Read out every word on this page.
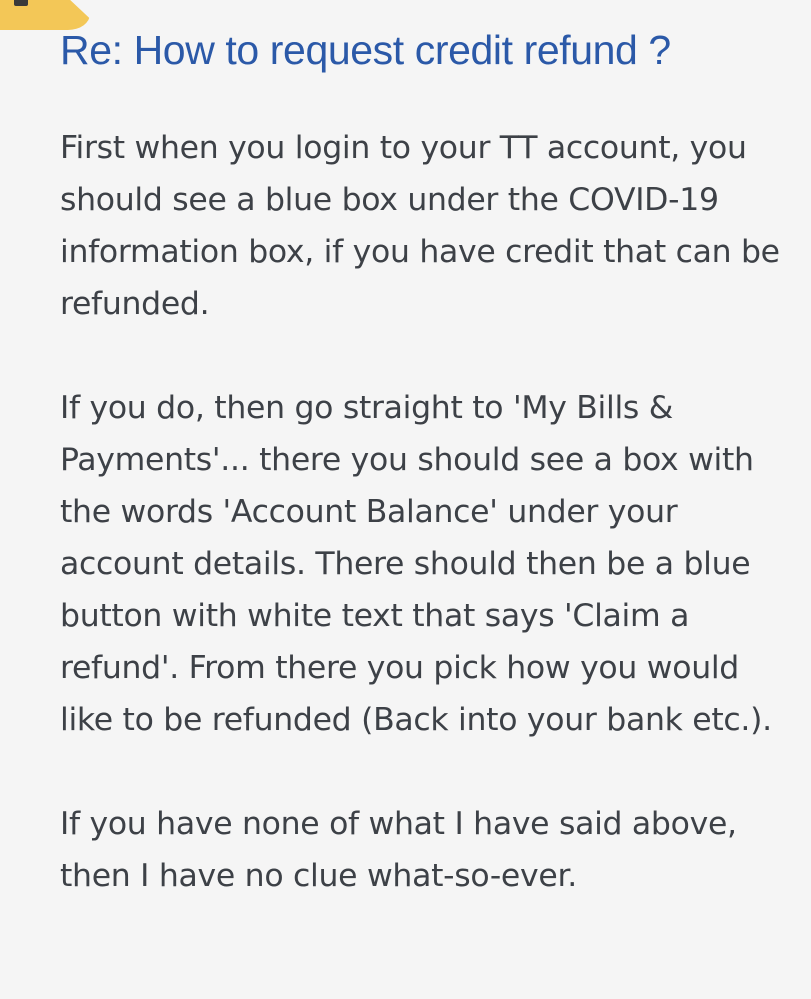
Re: How to request credit refund ?

First when you login to your TT account, you should see a blue box under the COVID-19 information box, if you have credit that can be refunded.

If you do, then go straight to 'My Bills & Payments'... there you should see a box with the words 'Account Balance' under your account details. There should then be a blue button with white text that says 'Claim a refund'. From there you pick how you would like to be refunded (Back into your bank etc.).

If you have none of what I have said above, then I have no clue what-so-ever.
